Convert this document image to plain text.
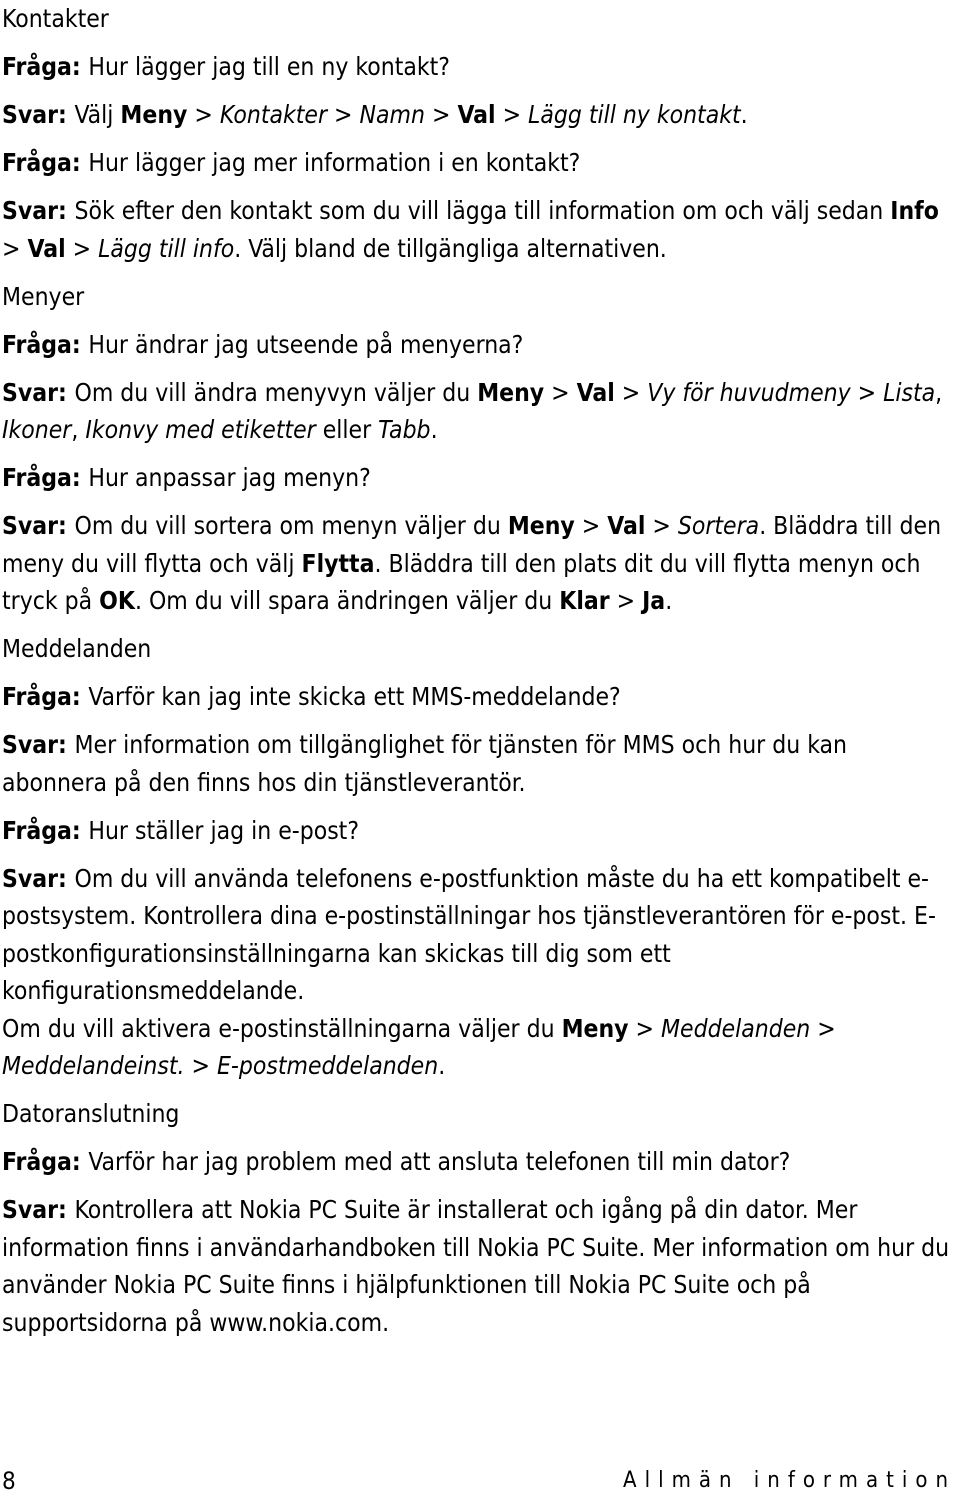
Kontakter
Fråga: Hur lägger jag till en ny kontakt?
Svar: Välj Meny > Kontakter > Namn > Val > Lägg till ny kontakt.
Fråga: Hur lägger jag mer information i en kontakt?
Svar: Sök efter den kontakt som du vill lägga till information om och välj sedan Info > Val > Lägg till info. Välj bland de tillgängliga alternativen.
Menyer
Fråga: Hur ändrar jag utseende på menyerna?
Svar: Om du vill ändra menyvyn väljer du Meny > Val > Vy för huvudmeny > Lista, Ikoner, Ikonvy med etiketter eller Tabb.
Fråga: Hur anpassar jag menyn?
Svar: Om du vill sortera om menyn väljer du Meny > Val > Sortera. Bläddra till den meny du vill flytta och välj Flytta. Bläddra till den plats dit du vill flytta menyn och tryck på OK. Om du vill spara ändringen väljer du Klar > Ja.
Meddelanden
Fråga: Varför kan jag inte skicka ett MMS-meddelande?
Svar: Mer information om tillgänglighet för tjänsten för MMS och hur du kan abonnera på den finns hos din tjänstleverantör.
Fråga: Hur ställer jag in e-post?
Svar: Om du vill använda telefonens e-postfunktion måste du ha ett kompatibelt e-postsystem. Kontrollera dina e-postinställningar hos tjänstleverantören för e-post. E-postkonfigurationsinställningarna kan skickas till dig som ett konfigurationsmeddelande.
Om du vill aktivera e-postinställningarna väljer du Meny > Meddelanden > Meddelandeinst. > E-postmeddelanden.
Datoranslutning
Fråga: Varför har jag problem med att ansluta telefonen till min dator?
Svar: Kontrollera att Nokia PC Suite är installerat och igång på din dator. Mer information finns i användarhandboken till Nokia PC Suite. Mer information om hur du använder Nokia PC Suite finns i hjälpfunktionen till Nokia PC Suite och på supportsidorna på www.nokia.com.
8	Allmän information
